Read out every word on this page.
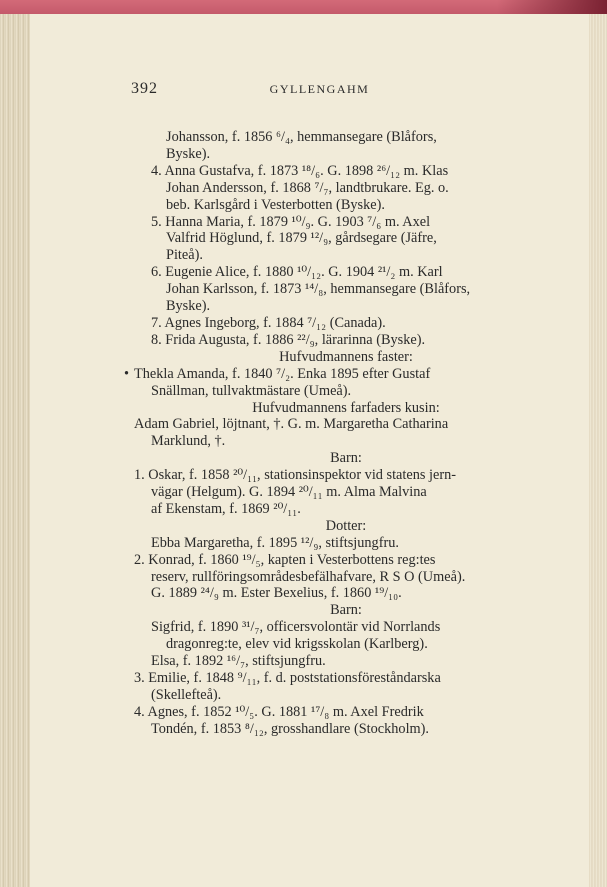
392	GYLLENGAHM
Johansson, f. 1856 ⁶/₄, hemmansegare (Blåfors,
Byske).
4. Anna Gustafva, f. 1873 ¹⁸/₆. G. 1898 ²⁶/₁₂ m. Klas
Johan Andersson, f. 1868 ⁷/₇, landtbrukare. Eg. o.
beb. Karlsgård i Vesterbotten (Byske).
5. Hanna Maria, f. 1879 ¹⁰/₉. G. 1903 ⁷/₆ m. Axel
Valfrid Höglund, f. 1879 ¹²/₉, gårdsegare (Jäfre,
Piteå).
6. Eugenie Alice, f. 1880 ¹⁰/₁₂. G. 1904 ²¹/₂ m. Karl
Johan Karlsson, f. 1873 ¹⁴/₈, hemmansegare (Blåfors,
Byske).
7. Agnes Ingeborg, f. 1884 ⁷/₁₂ (Canada).
8. Frida Augusta, f. 1886 ²²/₉, lärarinna (Byske).
Hufvudmannens faster:
• Thekla Amanda, f. 1840 ⁷/₂. Enka 1895 efter Gustaf
Snällman, tullvaktmästare (Umeå).
Hufvudmannens farfaders kusin:
Adam Gabriel, löjtnant, †. G. m. Margaretha Catharina
Marklund, †.
Barn:
1. Oskar, f. 1858 ²⁰/₁₁, stationsinspektor vid statens jern-
vägar (Helgum). G. 1894 ²⁰/₁₁ m. Alma Malvina
af Ekenstam, f. 1869 ²⁰/₁₁.
Dotter:
Ebba Margaretha, f. 1895 ¹²/₉, stiftsjungfru.
2. Konrad, f. 1860 ¹⁹/₅, kapten i Vesterbottens reg:tes
reserv, rullföringsområdesbefälhafvare, R S O (Umeå).
G. 1889 ²⁴/₉ m. Ester Bexelius, f. 1860 ¹⁹/₁₀.
Barn:
Sigfrid, f. 1890 ³¹/₇, officersvolontär vid Norrlands
dragonreg:te, elev vid krigsskolan (Karlberg).
Elsa, f. 1892 ¹⁶/₇, stiftsjungfru.
3. Emilie, f. 1848 ⁹/₁₁, f. d. poststationsföreståndarska
(Skellefteå).
4. Agnes, f. 1852 ¹⁰/₅. G. 1881 ¹⁷/₈ m. Axel Fredrik
Tondén, f. 1853 ⁸/₁₂, grosshandlare (Stockholm).
